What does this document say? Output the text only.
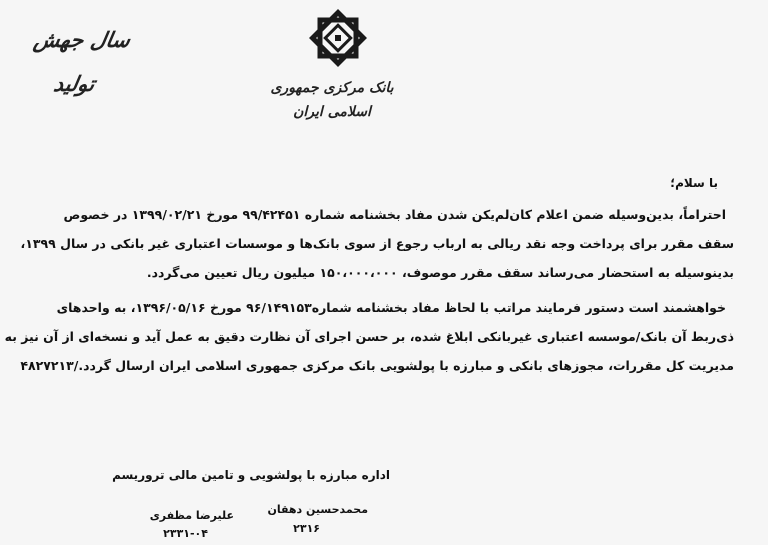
سال جهش تولید	بانک مرکزی جمهوری اسلامی ایران
با سلام؛

احتراماً، بدین‌وسیله ضمن اعلام کان‌لم‌یکن شدن مفاد بخشنامه شماره ۹۹/۴۲۴۵۱ مورخ ۱۳۹۹/۰۲/۲۱ در خصوص
سقف مقرر برای پرداخت وجه نقد ریالی به ارباب رجوع از سوی بانک‌ها و موسسات اعتباری غیر بانکی در سال ۱۳۹۹،
بدینوسیله به استحضار می‌رساند سقف مقرر موصوف، ۱۵۰،۰۰۰،۰۰۰ میلیون ریال تعیین می‌گردد.

خواهشمند است دستور فرمایند مراتب با لحاظ مفاد بخشنامه شماره۹۶/۱۴۹۱۵۳ مورخ ۱۳۹۶/۰۵/۱۶، به واحدهای
ذی‌ربط آن بانک/موسسه اعتباری غیربانکی ابلاغ شده، بر حسن اجرای آن نظارت دقیق به عمل آید و نسخه‌ای از آن نیز به
مدیریت کل مقررات، مجوزهای بانکی و مبارزه با پولشویی بانک مرکزی جمهوری اسلامی ایران ارسال گردد./۴۸۲۷۲۱۳

اداره مبارزه با پولشویی و تامین مالی تروریسم
محمدحسین دهقان
۲۳۱۶
علیرضا مظفری
۲۳۳۱-۰۴
